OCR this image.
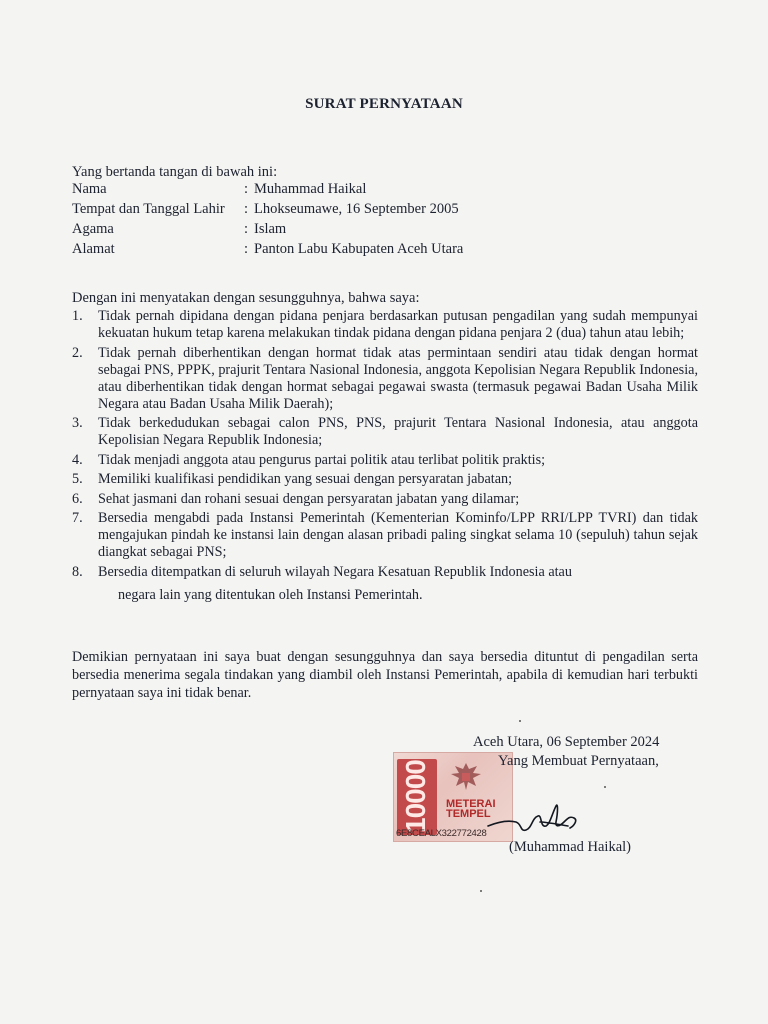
SURAT PERNYATAAN
Yang bertanda tangan di bawah ini:
Nama	: Muhammad Haikal
Tempat dan Tanggal Lahir	: Lhokseumawe, 16 September 2005
Agama	: Islam
Alamat	: Panton Labu Kabupaten Aceh Utara
Dengan ini menyatakan dengan sesungguhnya, bahwa saya:
1.	Tidak pernah dipidana dengan pidana penjara berdasarkan putusan pengadilan yang sudah mempunyai kekuatan hukum tetap karena melakukan tindak pidana dengan pidana penjara 2 (dua) tahun atau lebih;
2.	Tidak pernah diberhentikan dengan hormat tidak atas permintaan sendiri atau tidak dengan hormat sebagai PNS, PPPK, prajurit Tentara Nasional Indonesia, anggota Kepolisian Negara Republik Indonesia, atau diberhentikan tidak dengan hormat sebagai pegawai swasta (termasuk pegawai Badan Usaha Milik Negara atau Badan Usaha Milik Daerah);
3.	Tidak berkedudukan sebagai calon PNS, PNS, prajurit Tentara Nasional Indonesia, atau anggota Kepolisian Negara Republik Indonesia;
4.	Tidak menjadi anggota atau pengurus partai politik atau terlibat politik praktis;
5.	Memiliki kualifikasi pendidikan yang sesuai dengan persyaratan jabatan;
6.	Sehat jasmani dan rohani sesuai dengan persyaratan jabatan yang dilamar;
7.	Bersedia mengabdi pada Instansi Pemerintah (Kementerian Kominfo/LPP RRI/LPP TVRI) dan tidak mengajukan pindah ke instansi lain dengan alasan pribadi paling singkat selama 10 (sepuluh) tahun sejak diangkat sebagai PNS;
8.	Bersedia ditempatkan di seluruh wilayah Negara Kesatuan Republik Indonesia atau
negara lain yang ditentukan oleh Instansi Pemerintah.
Demikian pernyataan ini saya buat dengan sesungguhnya dan saya bersedia dituntut di pengadilan serta bersedia menerima segala tindakan yang diambil oleh Instansi Pemerintah, apabila di kemudian hari terbukti pernyataan saya ini tidak benar.
Aceh Utara, 06 September 2024
10000 METERAI
TEMPEL
6E8CEALX322772428
Yang Membuat Pernyataan,
(Muhammad Haikal)
